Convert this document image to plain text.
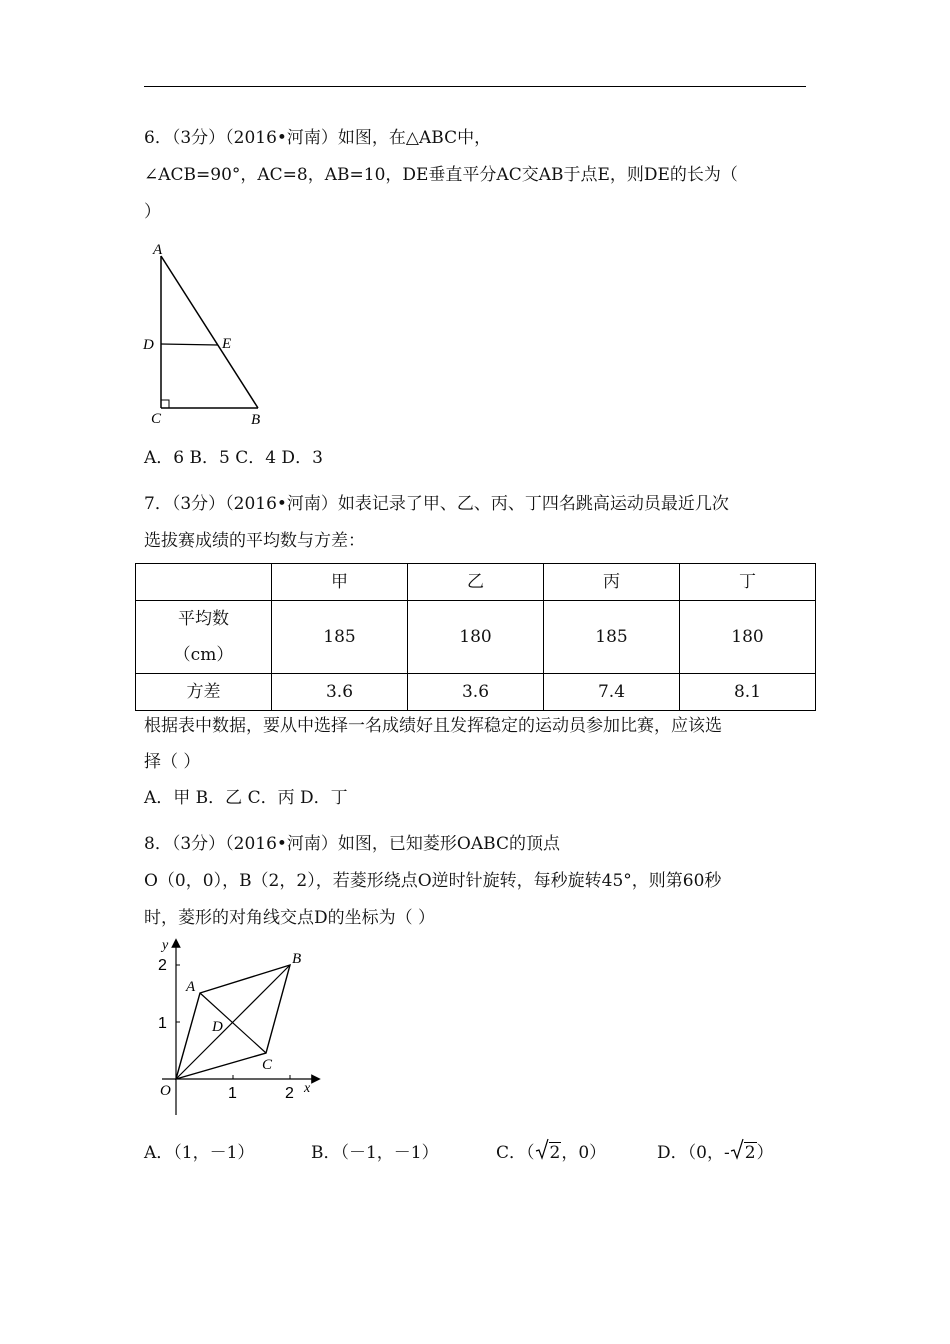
6．（3分）（2016•河南）如图，在△ABC中，
∠ACB=90°，AC=8，AB=10，DE垂直平分AC交AB于点E，则DE的长为（
）
A
D	E
C	B
A．6 B．5 C．4 D．3
7．（3分）（2016•河南）如表记录了甲、乙、丙、丁四名跳高运动员最近几次
选拔赛成绩的平均数与方差：
	甲	乙	丙	丁

平均数
（cm）	185	180	185	180
方差	3.6	3.6	7.4	8.1
根据表中数据，要从中选择一名成绩好且发挥稳定的运动员参加比赛，应该选
择（ ）
A．甲 B．乙 C．丙 D．丁
8．（3分）（2016•河南）如图，已知菱形OABC的顶点
O（0，0），B（2，2），若菱形绕点O逆时针旋转，每秒旋转45°，则第60秒
时，菱形的对角线交点D的坐标为（ ）
y
x
2
1
1	2
O
A
B
C
D
A．（1，－1）	B．（－1，－1）	C．（ 2，0）	D．（0，- 2）
